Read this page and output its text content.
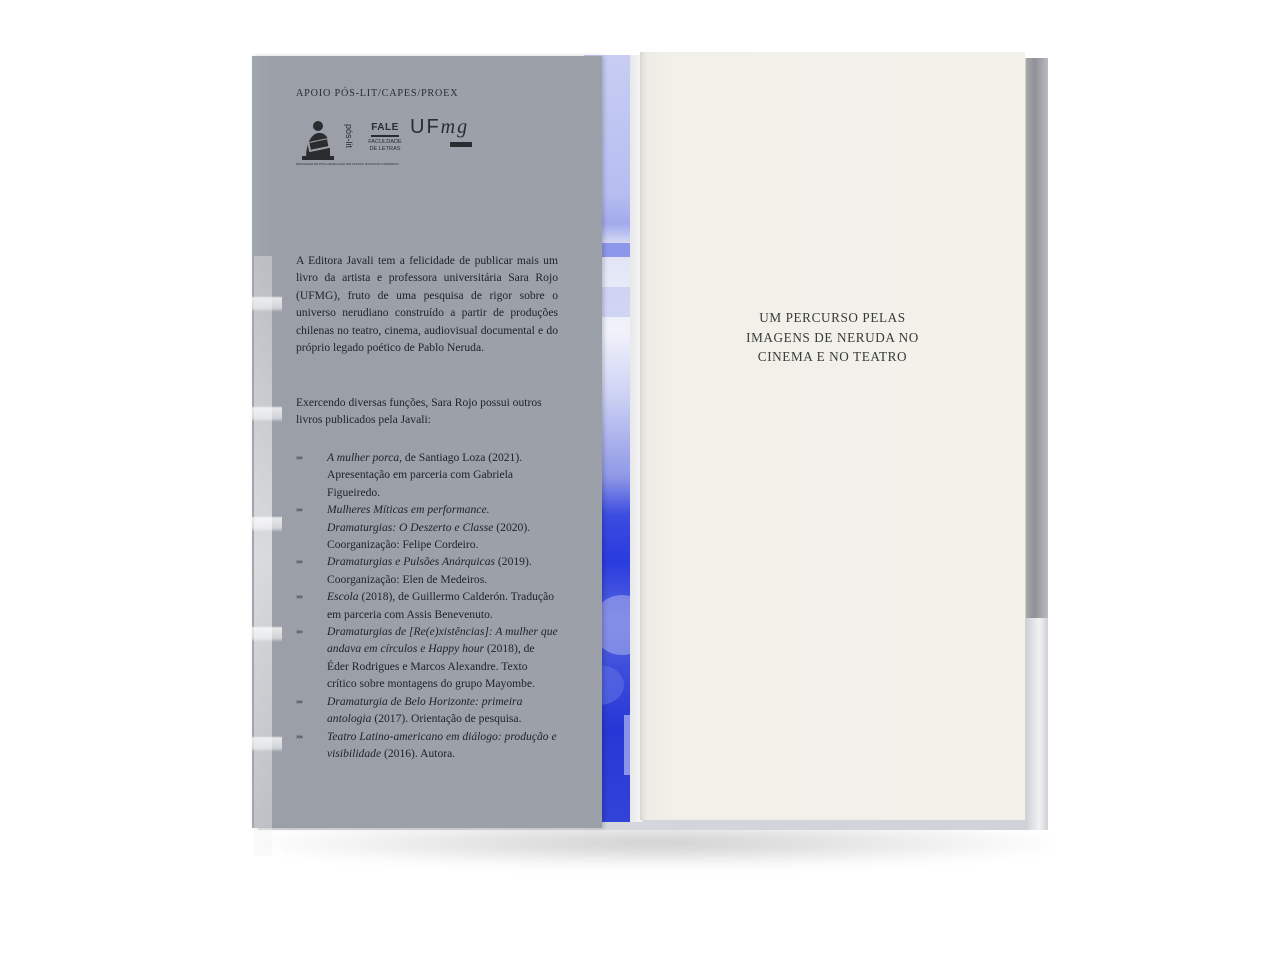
UM PERCURSO PELAS
IMAGENS DE NERUDA NO
CINEMA E NO TEATRO
APOIO PÓS-LIT/CAPES/PROEX
pós-lit
PROGRAMA DE PÓS-GRADUAÇÃO EM LETRAS: ESTUDOS LITERÁRIOS
FALE
FACULDADE
DE LETRAS
UFmg
A Editora Javali tem a felicidade de publicar mais um livro da artista e professora universitária Sara Rojo (UFMG), fruto de uma pesquisa de rigor sobre o universo nerudiano construído a partir de produções chilenas no teatro, cinema, audiovisual documental e do próprio legado poético de Pablo Neruda.
Exercendo diversas funções, Sara Rojo possui outros livros publicados pela Javali:
»» A mulher porca, de Santiago Loza (2021). Apresentação em parceria com Gabriela Figueiredo.
»» Mulheres Míticas em performance. Dramaturgias: O Deszerto e Classe (2020). Coorganização: Felipe Cordeiro.
»» Dramaturgias e Pulsões Anárquicas (2019). Coorganização: Elen de Medeiros.
»» Escola (2018), de Guillermo Calderón. Tradução em parceria com Assis Benevenuto.
»» Dramaturgias de [Re(e)xistências]: A mulher que andava em círculos e Happy hour (2018), de Éder Rodrigues e Marcos Alexandre. Texto crítico sobre montagens do grupo Mayombe.
»» Dramaturgia de Belo Horizonte: primeira antologia (2017). Orientação de pesquisa.
»» Teatro Latino-americano em diálogo: produção e visibilidade (2016). Autora.
